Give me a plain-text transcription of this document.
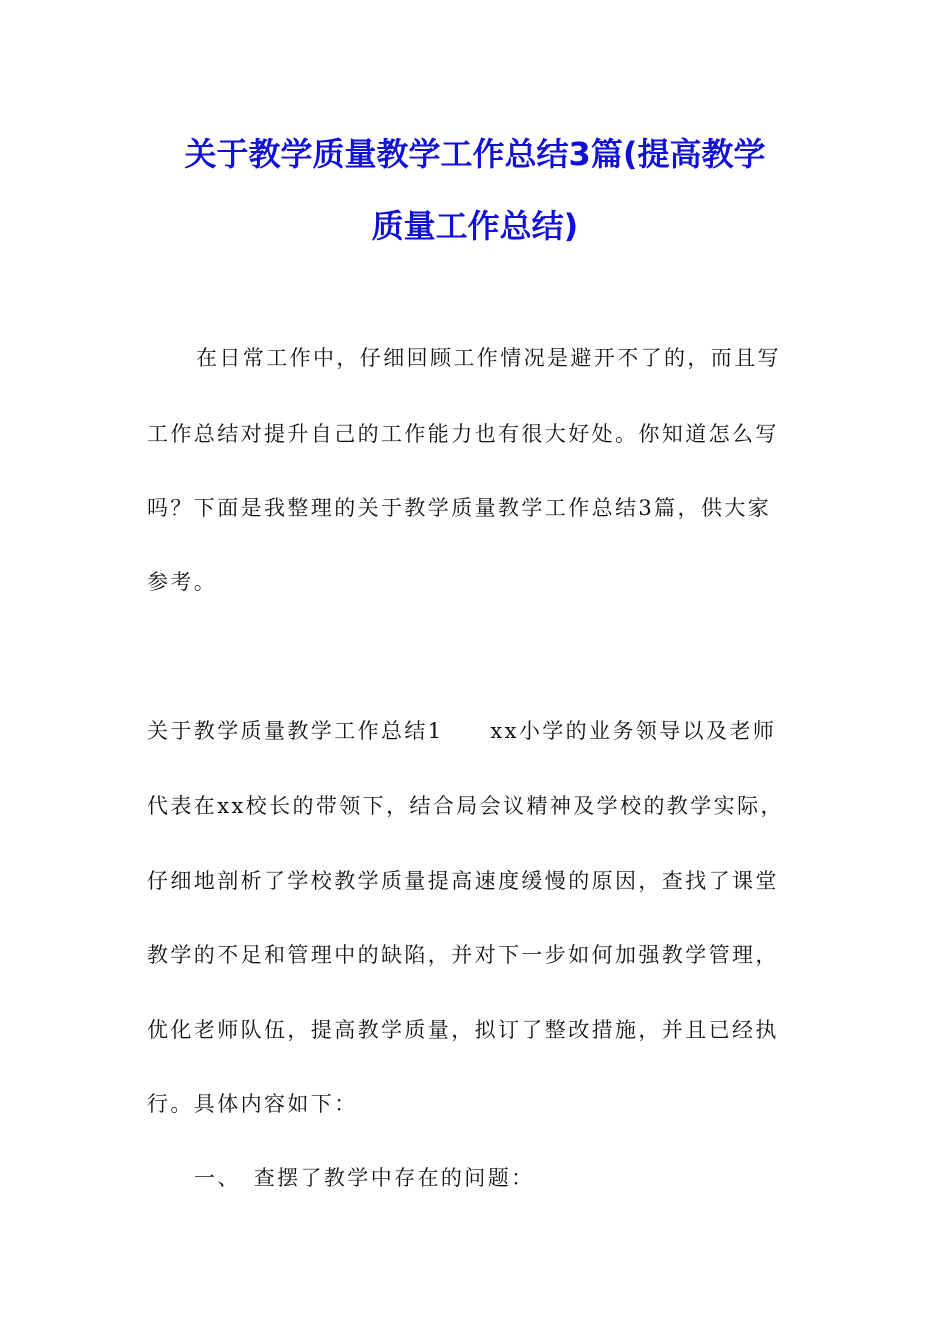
关于教学质量教学工作总结3篇(提高教学
质量工作总结)
在日常工作中，仔细回顾工作情况是避开不了的，而且写
工作总结对提升自己的工作能力也有很大好处。你知道怎么写
吗？下面是我整理的关于教学质量教学工作总结3篇，供大家
参考。
关于教学质量教学工作总结1　　xx小学的业务领导以及老师
代表在xx校长的带领下，结合局会议精神及学校的教学实际，
仔细地剖析了学校教学质量提高速度缓慢的原因，查找了课堂
教学的不足和管理中的缺陷，并对下一步如何加强教学管理，
优化老师队伍，提高教学质量，拟订了整改措施，并且已经执
行。具体内容如下：
一、　查摆了教学中存在的问题：
